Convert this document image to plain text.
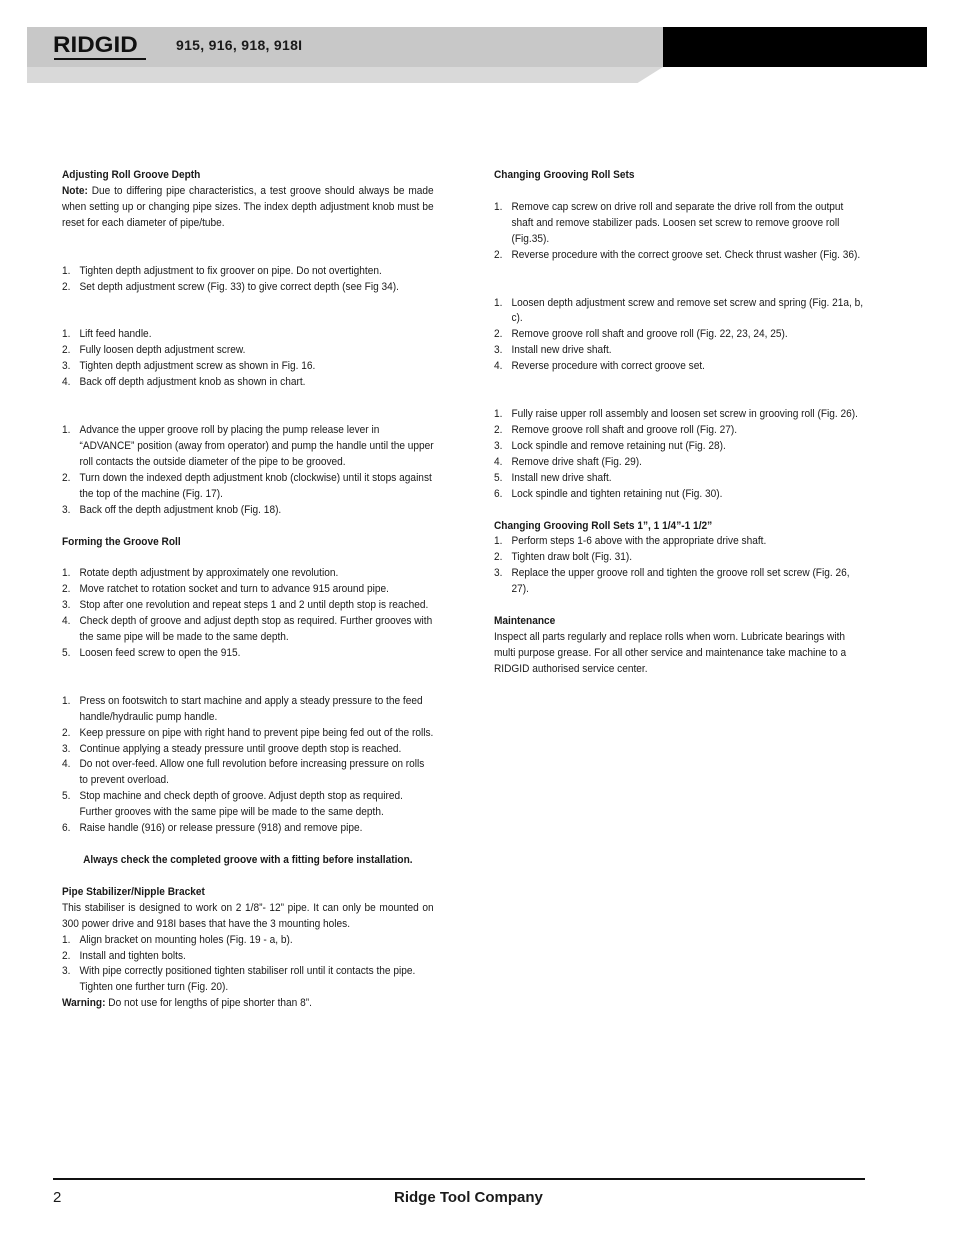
RIDGID	915, 916, 918, 918I
Adjusting Roll Groove Depth
Note: Due to differing pipe characteristics, a test groove should always be made when setting up or changing pipe sizes. The index depth adjustment knob must be reset for each diameter of pipe/tube.
1. Tighten depth adjustment to fix groover on pipe. Do not overtighten.
2. Set depth adjustment screw (Fig. 33) to give correct depth (see Fig 34).
1. Lift feed handle.
2. Fully loosen depth adjustment screw.
3. Tighten depth adjustment screw as shown in Fig. 16.
4. Back off depth adjustment knob as shown in chart.
1. Advance the upper groove roll by placing the pump release lever in “ADVANCE” position (away from operator) and pump the handle until the upper roll contacts the outside diameter of the pipe to be grooved.
2. Turn down the indexed depth adjustment knob (clockwise) until it stops against the top of the machine (Fig. 17).
3. Back off the depth adjustment knob (Fig. 18).
Forming the Groove Roll
1. Rotate depth adjustment by approximately one revolution.
2. Move ratchet to rotation socket and turn to advance 915 around pipe.
3. Stop after one revolution and repeat steps 1 and 2 until depth stop is reached.
4. Check depth of groove and adjust depth stop as required. Further grooves with the same pipe will be made to the same depth.
5. Loosen feed screw to open the 915.
1. Press on footswitch to start machine and apply a steady pressure to the feed handle/hydraulic pump handle.
2. Keep pressure on pipe with right hand to prevent pipe being fed out of the rolls.
3. Continue applying a steady pressure until groove depth stop is reached.
4. Do not over-feed. Allow one full revolution before increasing pressure on rolls to prevent overload.
5. Stop machine and check depth of groove. Adjust depth stop as required. Further grooves with the same pipe will be made to the same depth.
6. Raise handle (916) or release pressure (918) and remove pipe.
Always check the completed groove with a fitting before installation.
Pipe Stabilizer/Nipple Bracket
This stabiliser is designed to work on 2 1/8”- 12” pipe. It can only be mounted on 300 power drive and 918I bases that have the 3 mounting holes.
1. Align bracket on mounting holes (Fig. 19 - a, b).
2. Install and tighten bolts.
3. With pipe correctly positioned tighten stabiliser roll until it contacts the pipe. Tighten one further turn (Fig. 20).
Warning: Do not use for lengths of pipe shorter than 8”.
Changing Grooving Roll Sets
1. Remove cap screw on drive roll and separate the drive roll from the output shaft and remove stabilizer pads. Loosen set screw to remove groove roll (Fig.35).
2. Reverse procedure with the correct groove set. Check thrust washer (Fig. 36).
1. Loosen depth adjustment screw and remove set screw and spring (Fig. 21a, b, c).
2. Remove groove roll shaft and groove roll (Fig. 22, 23, 24, 25).
3. Install new drive shaft.
4. Reverse procedure with correct groove set.
1. Fully raise upper roll assembly and loosen set screw in grooving roll (Fig. 26).
2. Remove groove roll shaft and groove roll (Fig. 27).
3. Lock spindle and remove retaining nut (Fig. 28).
4. Remove drive shaft (Fig. 29).
5. Install new drive shaft.
6. Lock spindle and tighten retaining nut (Fig. 30).
Changing Grooving Roll Sets 1”, 1 1/4”-1 1/2”
1. Perform steps 1-6 above with the appropriate drive shaft.
2. Tighten draw bolt (Fig. 31).
3. Replace the upper groove roll and tighten the groove roll set screw (Fig. 26, 27).
Maintenance
Inspect all parts regularly and replace rolls when worn. Lubricate bearings with multi purpose grease. For all other service and maintenance take machine to a RIDGID authorised service center.
2	Ridge Tool Company
